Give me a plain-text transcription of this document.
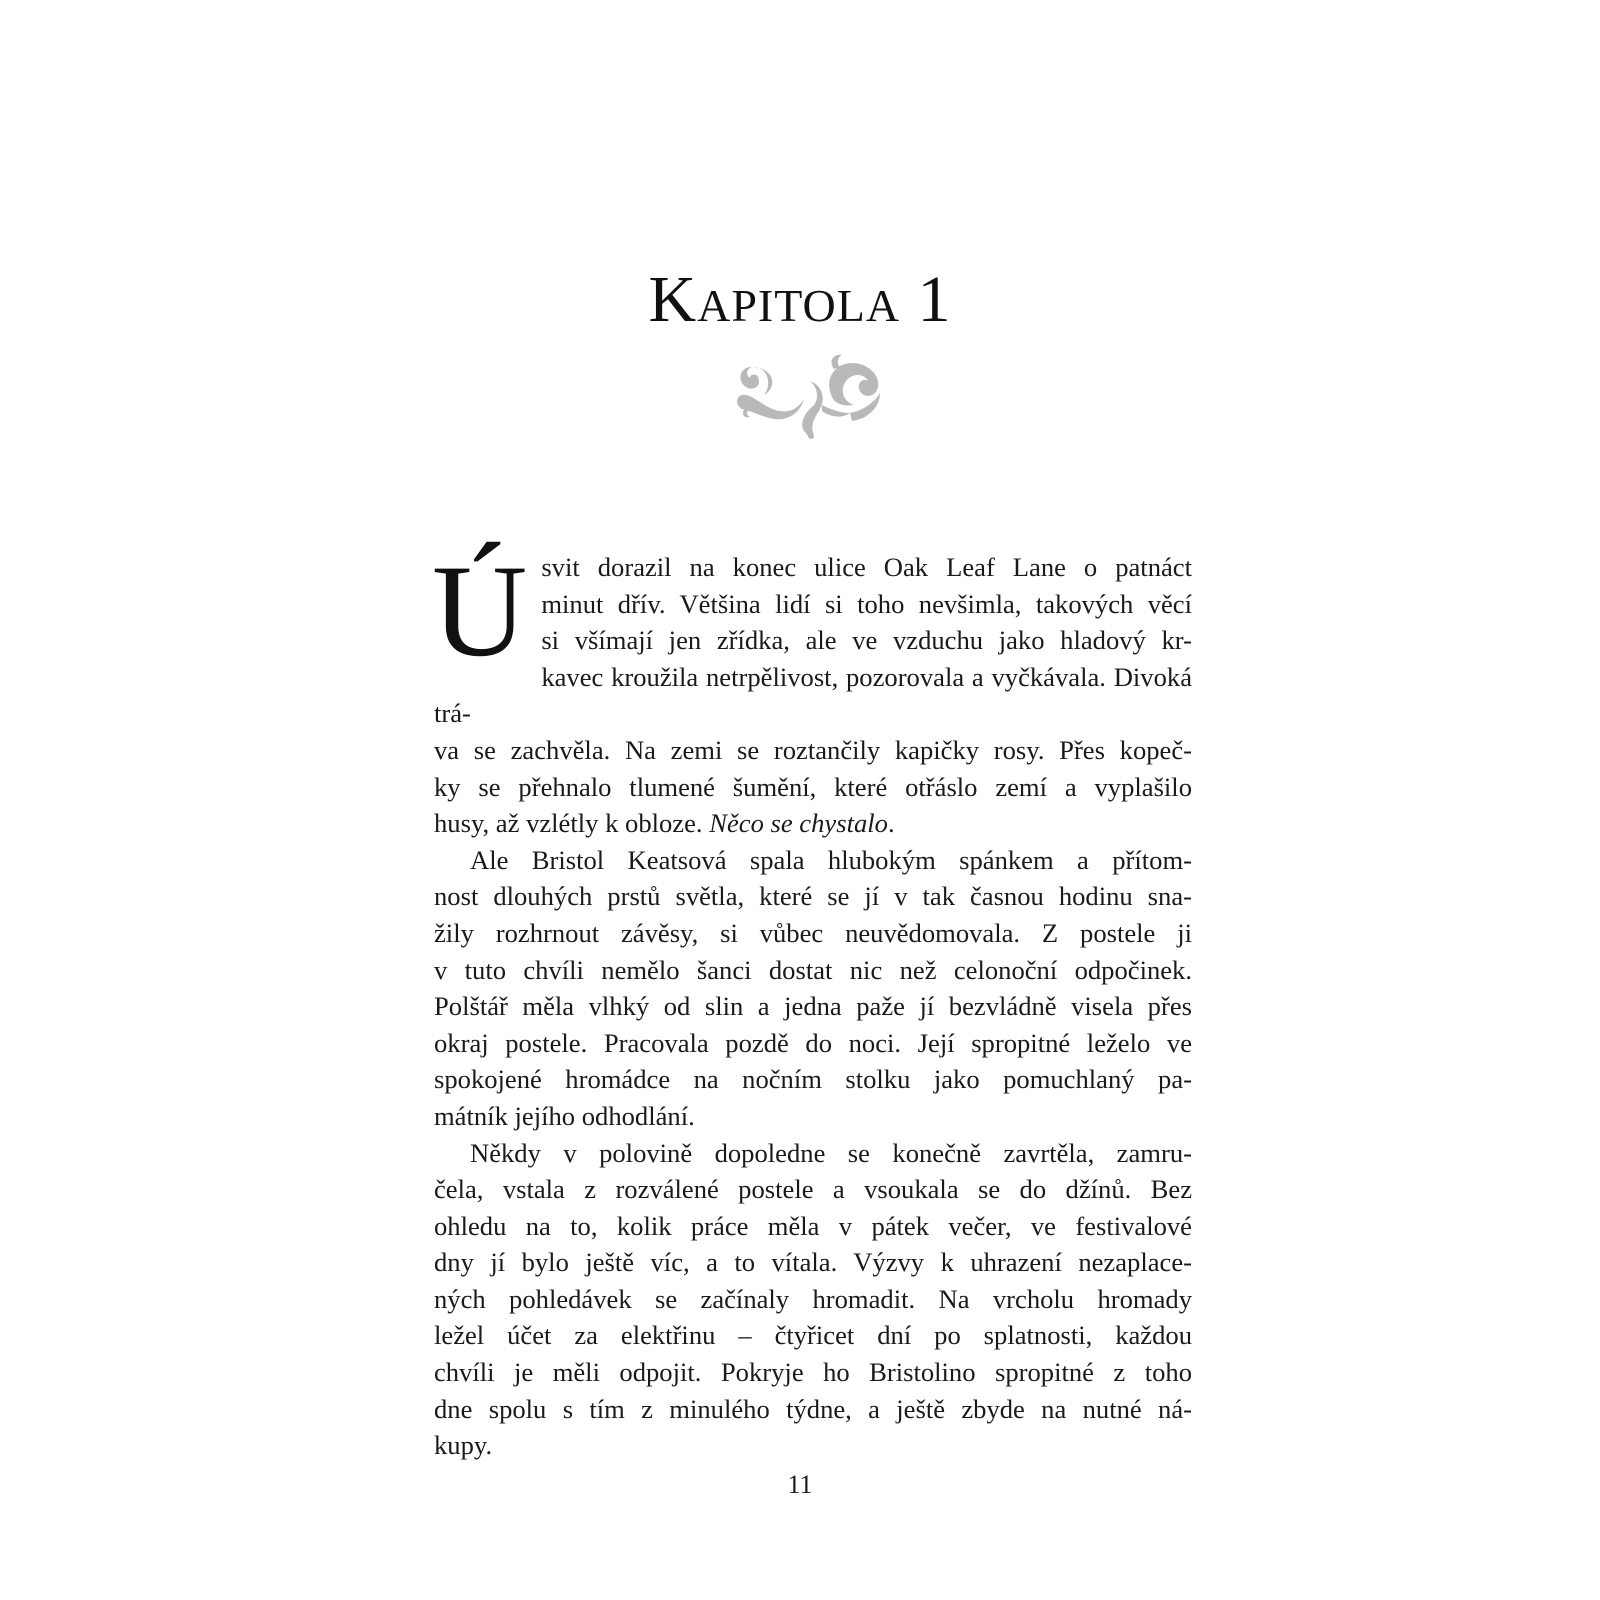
Kapitola 1

Ú svit dorazil na konec ulice Oak Leaf Lane o patnáct
minut dřív. Většina lidí si toho nevšimla, takových věcí
si všímají jen zřídka, ale ve vzduchu jako hladový kr-
kavec kroužila netrpělivost, pozorovala a vyčkávala. Divoká trá-
va se zachvěla. Na zemi se roztančily kapičky rosy. Přes kopeč-
ky se přehnalo tlumené šumění, které otřáslo zemí a vyplašilo
husy, až vzlétly k obloze. Něco se chystalo.

Ale Bristol Keatsová spala hlubokým spánkem a přítom-
nost dlouhých prstů světla, které se jí v tak časnou hodinu sna-
žily rozhrnout závěsy, si vůbec neuvědomovala. Z postele ji
v tuto chvíli nemělo šanci dostat nic než celonoční odpočinek.
Polštář měla vlhký od slin a jedna paže jí bezvládně visela přes
okraj postele. Pracovala pozdě do noci. Její spropitné leželo ve
spokojené hromádce na nočním stolku jako pomuchlaný pa-
mátník jejího odhodlání.

Někdy v polovině dopoledne se konečně zavrtěla, zamru-
čela, vstala z rozválené postele a vsoukala se do džínů. Bez
ohledu na to, kolik práce měla v pátek večer, ve festivalové
dny jí bylo ještě víc, a to vítala. Výzvy k uhrazení nezaplace-
ných pohledávek se začínaly hromadit. Na vrcholu hromady
ležel účet za elektřinu – čtyřicet dní po splatnosti, každou
chvíli je měli odpojit. Pokryje ho Bristolino spropitné z toho
dne spolu s tím z minulého týdne, a ještě zbyde na nutné ná-
kupy.

11
